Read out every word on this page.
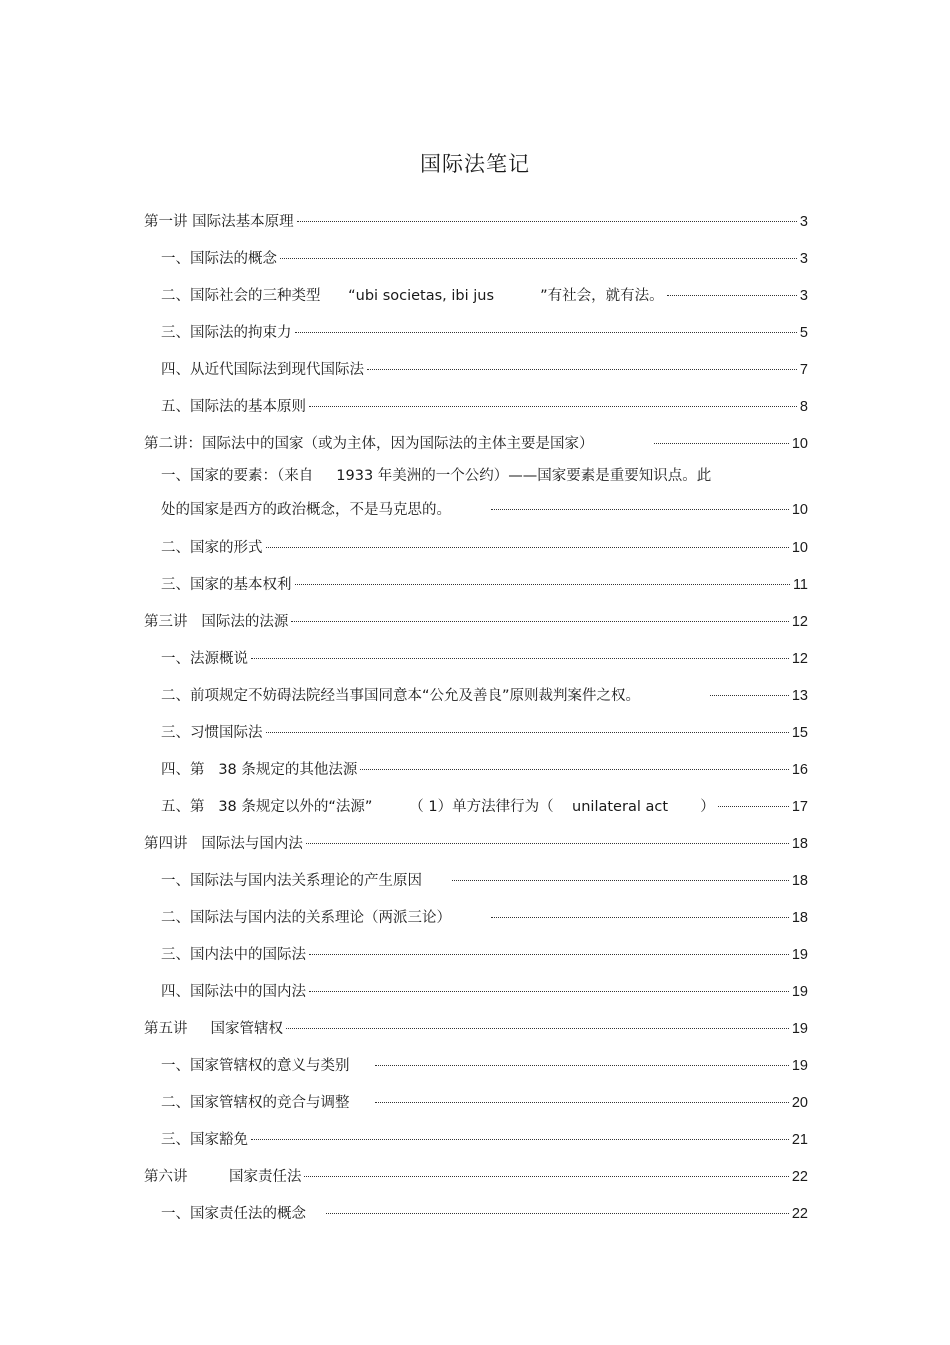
国际法笔记
第一讲 国际法基本原理	3
一、国际法的概念	3
二、国际社会的三种类型      “ubi societas, ibi jus          ”有社会，就有法。	3
三、国际法的拘束力	5
四、从近代国际法到现代国际法	7
五、国际法的基本原则	8
第二讲：国际法中的国家（或为主体，因为国际法的主体主要是国家）	10
一、国家的要素：（来自     1933 年美洲的一个公约）——国家要素是重要知识点。此
处的国家是西方的政治概念，不是马克思的。	10
二、国家的形式	10
三、国家的基本权利	11
第三讲   国际法的法源	12
一、法源概说	12
二、前项规定不妨碍法院经当事国同意本“公允及善良”原则裁判案件之权。	13
三、习惯国际法	15
四、第   38 条规定的其他法源	16
五、第   38 条规定以外的“法源”        （ 1）单方法律行为（    unilateral act       ）	17
第四讲   国际法与国内法	18
一、国际法与国内法关系理论的产生原因	18
二、国际法与国内法的关系理论（两派三论）	18
三、国内法中的国际法	19
四、国际法中的国内法	19
第五讲     国家管辖权	19
一、国家管辖权的意义与类别	19
二、国家管辖权的竞合与调整	20
三、国家豁免	21
第六讲         国家责任法	22
一、国家责任法的概念	22
